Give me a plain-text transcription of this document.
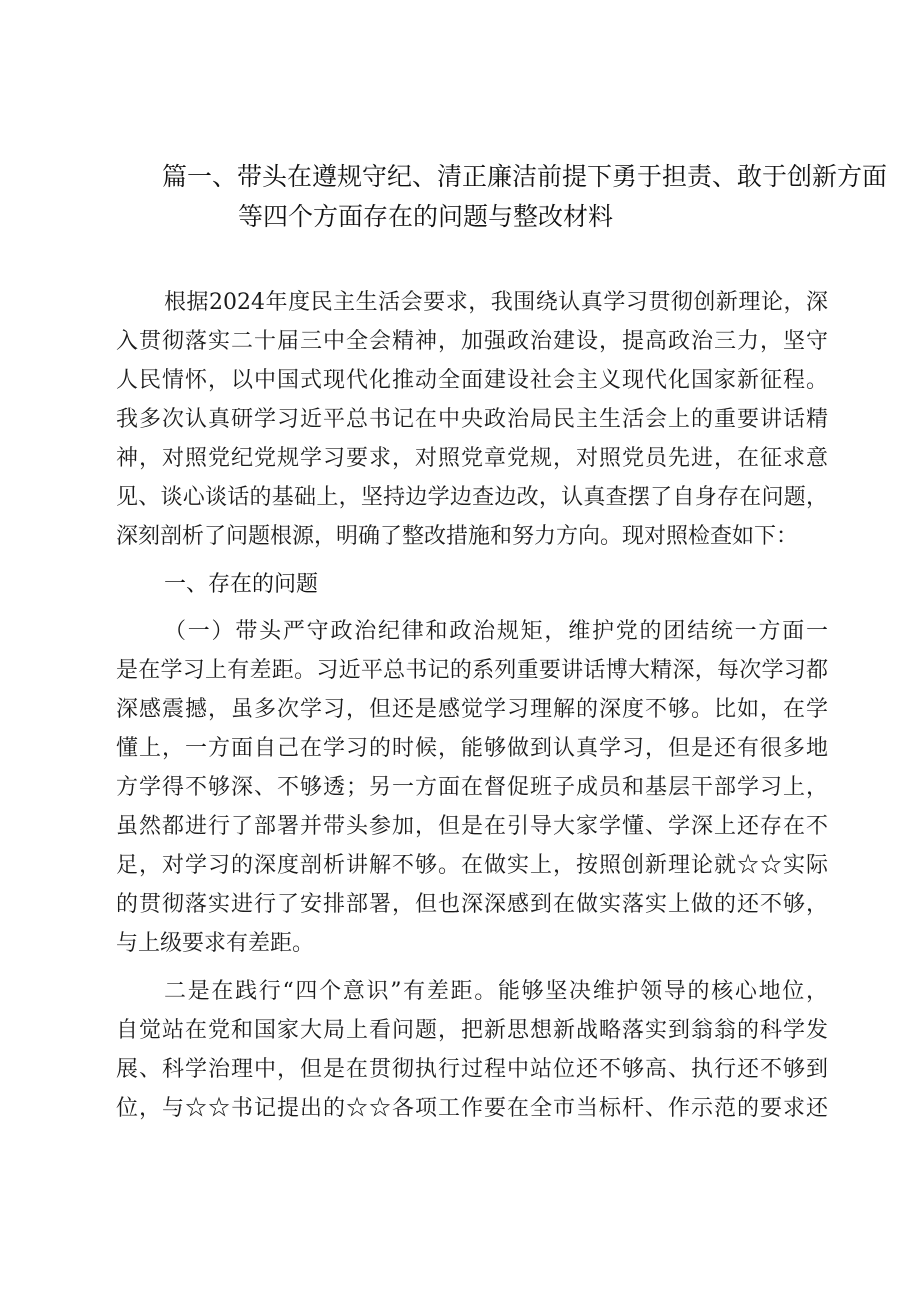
篇一、带头在遵规守纪、清正廉洁前提下勇于担责、敢于创新方面
等四个方面存在的问题与整改材料
根据2024年度民主生活会要求，我围绕认真学习贯彻创新理论，深
入贯彻落实二十届三中全会精神，加强政治建设，提高政治三力，坚守
人民情怀，以中国式现代化推动全面建设社会主义现代化国家新征程。
我多次认真研学习近平总书记在中央政治局民主生活会上的重要讲话精
神，对照党纪党规学习要求，对照党章党规，对照党员先进，在征求意
见、谈心谈话的基础上，坚持边学边查边改，认真查摆了自身存在问题，
深刻剖析了问题根源，明确了整改措施和努力方向。现对照检查如下：
一、存在的问题
（一）带头严守政治纪律和政治规矩，维护党的团结统一方面一
是在学习上有差距。习近平总书记的系列重要讲话博大精深，每次学习都
深感震撼，虽多次学习，但还是感觉学习理解的深度不够。比如，在学
懂上，一方面自己在学习的时候，能够做到认真学习，但是还有很多地
方学得不够深、不够透；另一方面在督促班子成员和基层干部学习上，
虽然都进行了部署并带头参加，但是在引导大家学懂、学深上还存在不
足，对学习的深度剖析讲解不够。在做实上，按照创新理论就☆☆实际
的贯彻落实进行了安排部署，但也深深感到在做实落实上做的还不够，
与上级要求有差距。
二是在践行“四个意识”有差距。能够坚决维护领导的核心地位，
自觉站在党和国家大局上看问题，把新思想新战略落实到翁翁的科学发
展、科学治理中，但是在贯彻执行过程中站位还不够高、执行还不够到
位，与☆☆书记提出的☆☆各项工作要在全市当标杆、作示范的要求还
